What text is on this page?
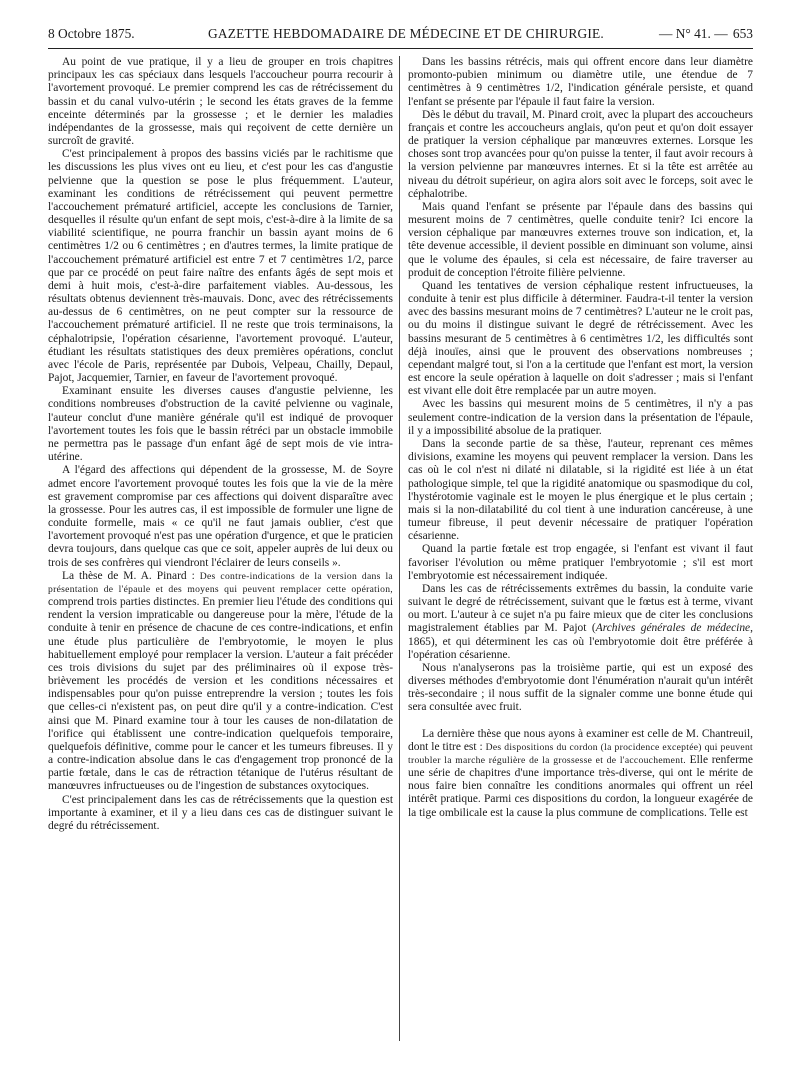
8 Octobre 1875.	GAZETTE HEBDOMADAIRE DE MÉDECINE ET DE CHIRURGIE.	— N° 41. — 653

Au point de vue pratique, il y a lieu de grouper en trois chapitres principaux les cas spéciaux dans lesquels l'accoucheur pourra recourir à l'avortement provoqué. Le premier comprend les cas de rétrécissement du bassin et du canal vulvo-utérin ; le second les états graves de la femme enceinte déterminés par la grossesse ; et le dernier les maladies indépendantes de la grossesse, mais qui reçoivent de cette dernière un surcroît de gravité.

C'est principalement à propos des bassins viciés par le rachitisme que les discussions les plus vives ont eu lieu, et c'est pour les cas d'angustie pelvienne que la question se pose le plus fréquemment. L'auteur, examinant les conditions de rétrécissement qui peuvent permettre l'accouchement prématuré artificiel, accepte les conclusions de Tarnier, desquelles il résulte qu'un enfant de sept mois, c'est-à-dire à la limite de sa viabilité scientifique, ne pourra franchir un bassin ayant moins de 6 centimètres 1/2 ou 6 centimètres ; en d'autres termes, la limite pratique de l'accouchement prématuré artificiel est entre 7 et 7 centimètres 1/2, parce que par ce procédé on peut faire naître des enfants âgés de sept mois et demi à huit mois, c'est-à-dire parfaitement viables. Au-dessous, les résultats obtenus deviennent très-mauvais. Donc, avec des rétrécissements au-dessus de 6 centimètres, on ne peut compter sur la ressource de l'accouchement prématuré artificiel. Il ne reste que trois terminaisons, la céphalotripsie, l'opération césarienne, l'avortement provoqué. L'auteur, étudiant les résultats statistiques des deux premières opérations, conclut avec l'école de Paris, représentée par Dubois, Velpeau, Chailly, Depaul, Pajot, Jacquemier, Tarnier, en faveur de l'avortement provoqué.

Examinant ensuite les diverses causes d'angustie pelvienne, les conditions nombreuses d'obstruction de la cavité pelvienne ou vaginale, l'auteur conclut d'une manière générale qu'il est indiqué de provoquer l'avortement toutes les fois que le bassin rétréci par un obstacle immobile ne permettra pas le passage d'un enfant âgé de sept mois de vie intra-utérine.

A l'égard des affections qui dépendent de la grossesse, M. de Soyre admet encore l'avortement provoqué toutes les fois que la vie de la mère est gravement compromise par ces affections qui doivent disparaître avec la grossesse. Pour les autres cas, il est impossible de formuler une ligne de conduite formelle, mais « ce qu'il ne faut jamais oublier, c'est que l'avortement provoqué n'est pas une opération d'urgence, et que le praticien devra toujours, dans quelque cas que ce soit, appeler auprès de lui deux ou trois de ses confrères qui viendront l'éclairer de leurs conseils ».

La thèse de M. A. Pinard : Des contre-indications de la version dans la présentation de l'épaule et des moyens qui peuvent remplacer cette opération, comprend trois parties distinctes. En premier lieu l'étude des conditions qui rendent la version impraticable ou dangereuse pour la mère, l'étude de la conduite à tenir en présence de chacune de ces contre-indications, et enfin une étude plus particulière de l'embryotomie, le moyen le plus habituellement employé pour remplacer la version. L'auteur a fait précéder ces trois divisions du sujet par des préliminaires où il expose très-brièvement les procédés de version et les conditions nécessaires et indispensables pour qu'on puisse entreprendre la version ; toutes les fois que celles-ci n'existent pas, on peut dire qu'il y a contre-indication. C'est ainsi que M. Pinard examine tour à tour les causes de non-dilatation de l'orifice qui établissent une contre-indication quelquefois temporaire, quelquefois définitive, comme pour le cancer et les tumeurs fibreuses. Il y a contre-indication absolue dans le cas d'engagement trop prononcé de la partie fœtale, dans le cas de rétraction tétanique de l'utérus résultant de manœuvres infructueuses ou de l'ingestion de substances oxytociques.

C'est principalement dans les cas de rétrécissements que la question est importante à examiner, et il y a lieu dans ces cas de distinguer suivant le degré du rétrécissement.

Dans les bassins rétrécis, mais qui offrent encore dans leur diamètre promonto-pubien minimum ou diamètre utile, une étendue de 7 centimètres à 9 centimètres 1/2, l'indication générale persiste, et quand l'enfant se présente par l'épaule il faut faire la version.

Dès le début du travail, M. Pinard croit, avec la plupart des accoucheurs français et contre les accoucheurs anglais, qu'on peut et qu'on doit essayer de pratiquer la version céphalique par manœuvres externes. Lorsque les choses sont trop avancées pour qu'on puisse la tenter, il faut avoir recours à la version pelvienne par manœuvres internes. Et si la tête est arrêtée au niveau du détroit supérieur, on agira alors soit avec le forceps, soit avec le céphalotribe.

Mais quand l'enfant se présente par l'épaule dans des bassins qui mesurent moins de 7 centimètres, quelle conduite tenir? Ici encore la version céphalique par manœuvres externes trouve son indication, et, la tête devenue accessible, il devient possible en diminuant son volume, ainsi que le volume des épaules, si cela est nécessaire, de faire traverser au produit de conception l'étroite filière pelvienne.

Quand les tentatives de version céphalique restent infructueuses, la conduite à tenir est plus difficile à déterminer. Faudra-t-il tenter la version avec des bassins mesurant moins de 7 centimètres? L'auteur ne le croit pas, ou du moins il distingue suivant le degré de rétrécissement. Avec les bassins mesurant de 5 centimètres à 6 centimètres 1/2, les difficultés sont déjà inouïes, ainsi que le prouvent des observations nombreuses ; cependant malgré tout, si l'on a la certitude que l'enfant est mort, la version est encore la seule opération à laquelle on doit s'adresser ; mais si l'enfant est vivant elle doit être remplacée par un autre moyen.

Avec les bassins qui mesurent moins de 5 centimètres, il n'y a pas seulement contre-indication de la version dans la présentation de l'épaule, il y a impossibilité absolue de la pratiquer.

Dans la seconde partie de sa thèse, l'auteur, reprenant ces mêmes divisions, examine les moyens qui peuvent remplacer la version. Dans les cas où le col n'est ni dilaté ni dilatable, si la rigidité est liée à un état pathologique simple, tel que la rigidité anatomique ou spasmodique du col, l'hystérotomie vaginale est le moyen le plus énergique et le plus certain ; mais si la non-dilatabilité du col tient à une induration cancéreuse, à une tumeur fibreuse, il peut devenir nécessaire de pratiquer l'opération césarienne.

Quand la partie fœtale est trop engagée, si l'enfant est vivant il faut favoriser l'évolution ou même pratiquer l'embryotomie ; s'il est mort l'embryotomie est nécessairement indiquée.

Dans les cas de rétrécissements extrêmes du bassin, la conduite varie suivant le degré de rétrécissement, suivant que le fœtus est à terme, vivant ou mort. L'auteur à ce sujet n'a pu faire mieux que de citer les conclusions magistralement établies par M. Pajot (Archives générales de médecine, 1865), et qui déterminent les cas où l'embryotomie doit être préférée à l'opération césarienne.

Nous n'analyserons pas la troisième partie, qui est un exposé des diverses méthodes d'embryotomie dont l'énumération n'aurait qu'un intérêt très-secondaire ; il nous suffit de la signaler comme une bonne étude qui sera consultée avec fruit.

La dernière thèse que nous ayons à examiner est celle de M. Chantreuil, dont le titre est : Des dispositions du cordon (la procidence exceptée) qui peuvent troubler la marche régulière de la grossesse et de l'accouchement. Elle renferme une série de chapitres d'une importance très-diverse, qui ont le mérite de nous faire bien connaître les conditions anormales qui offrent un réel intérêt pratique. Parmi ces dispositions du cordon, la longueur exagérée de la tige ombilicale est la cause la plus commune de complications. Telle est
